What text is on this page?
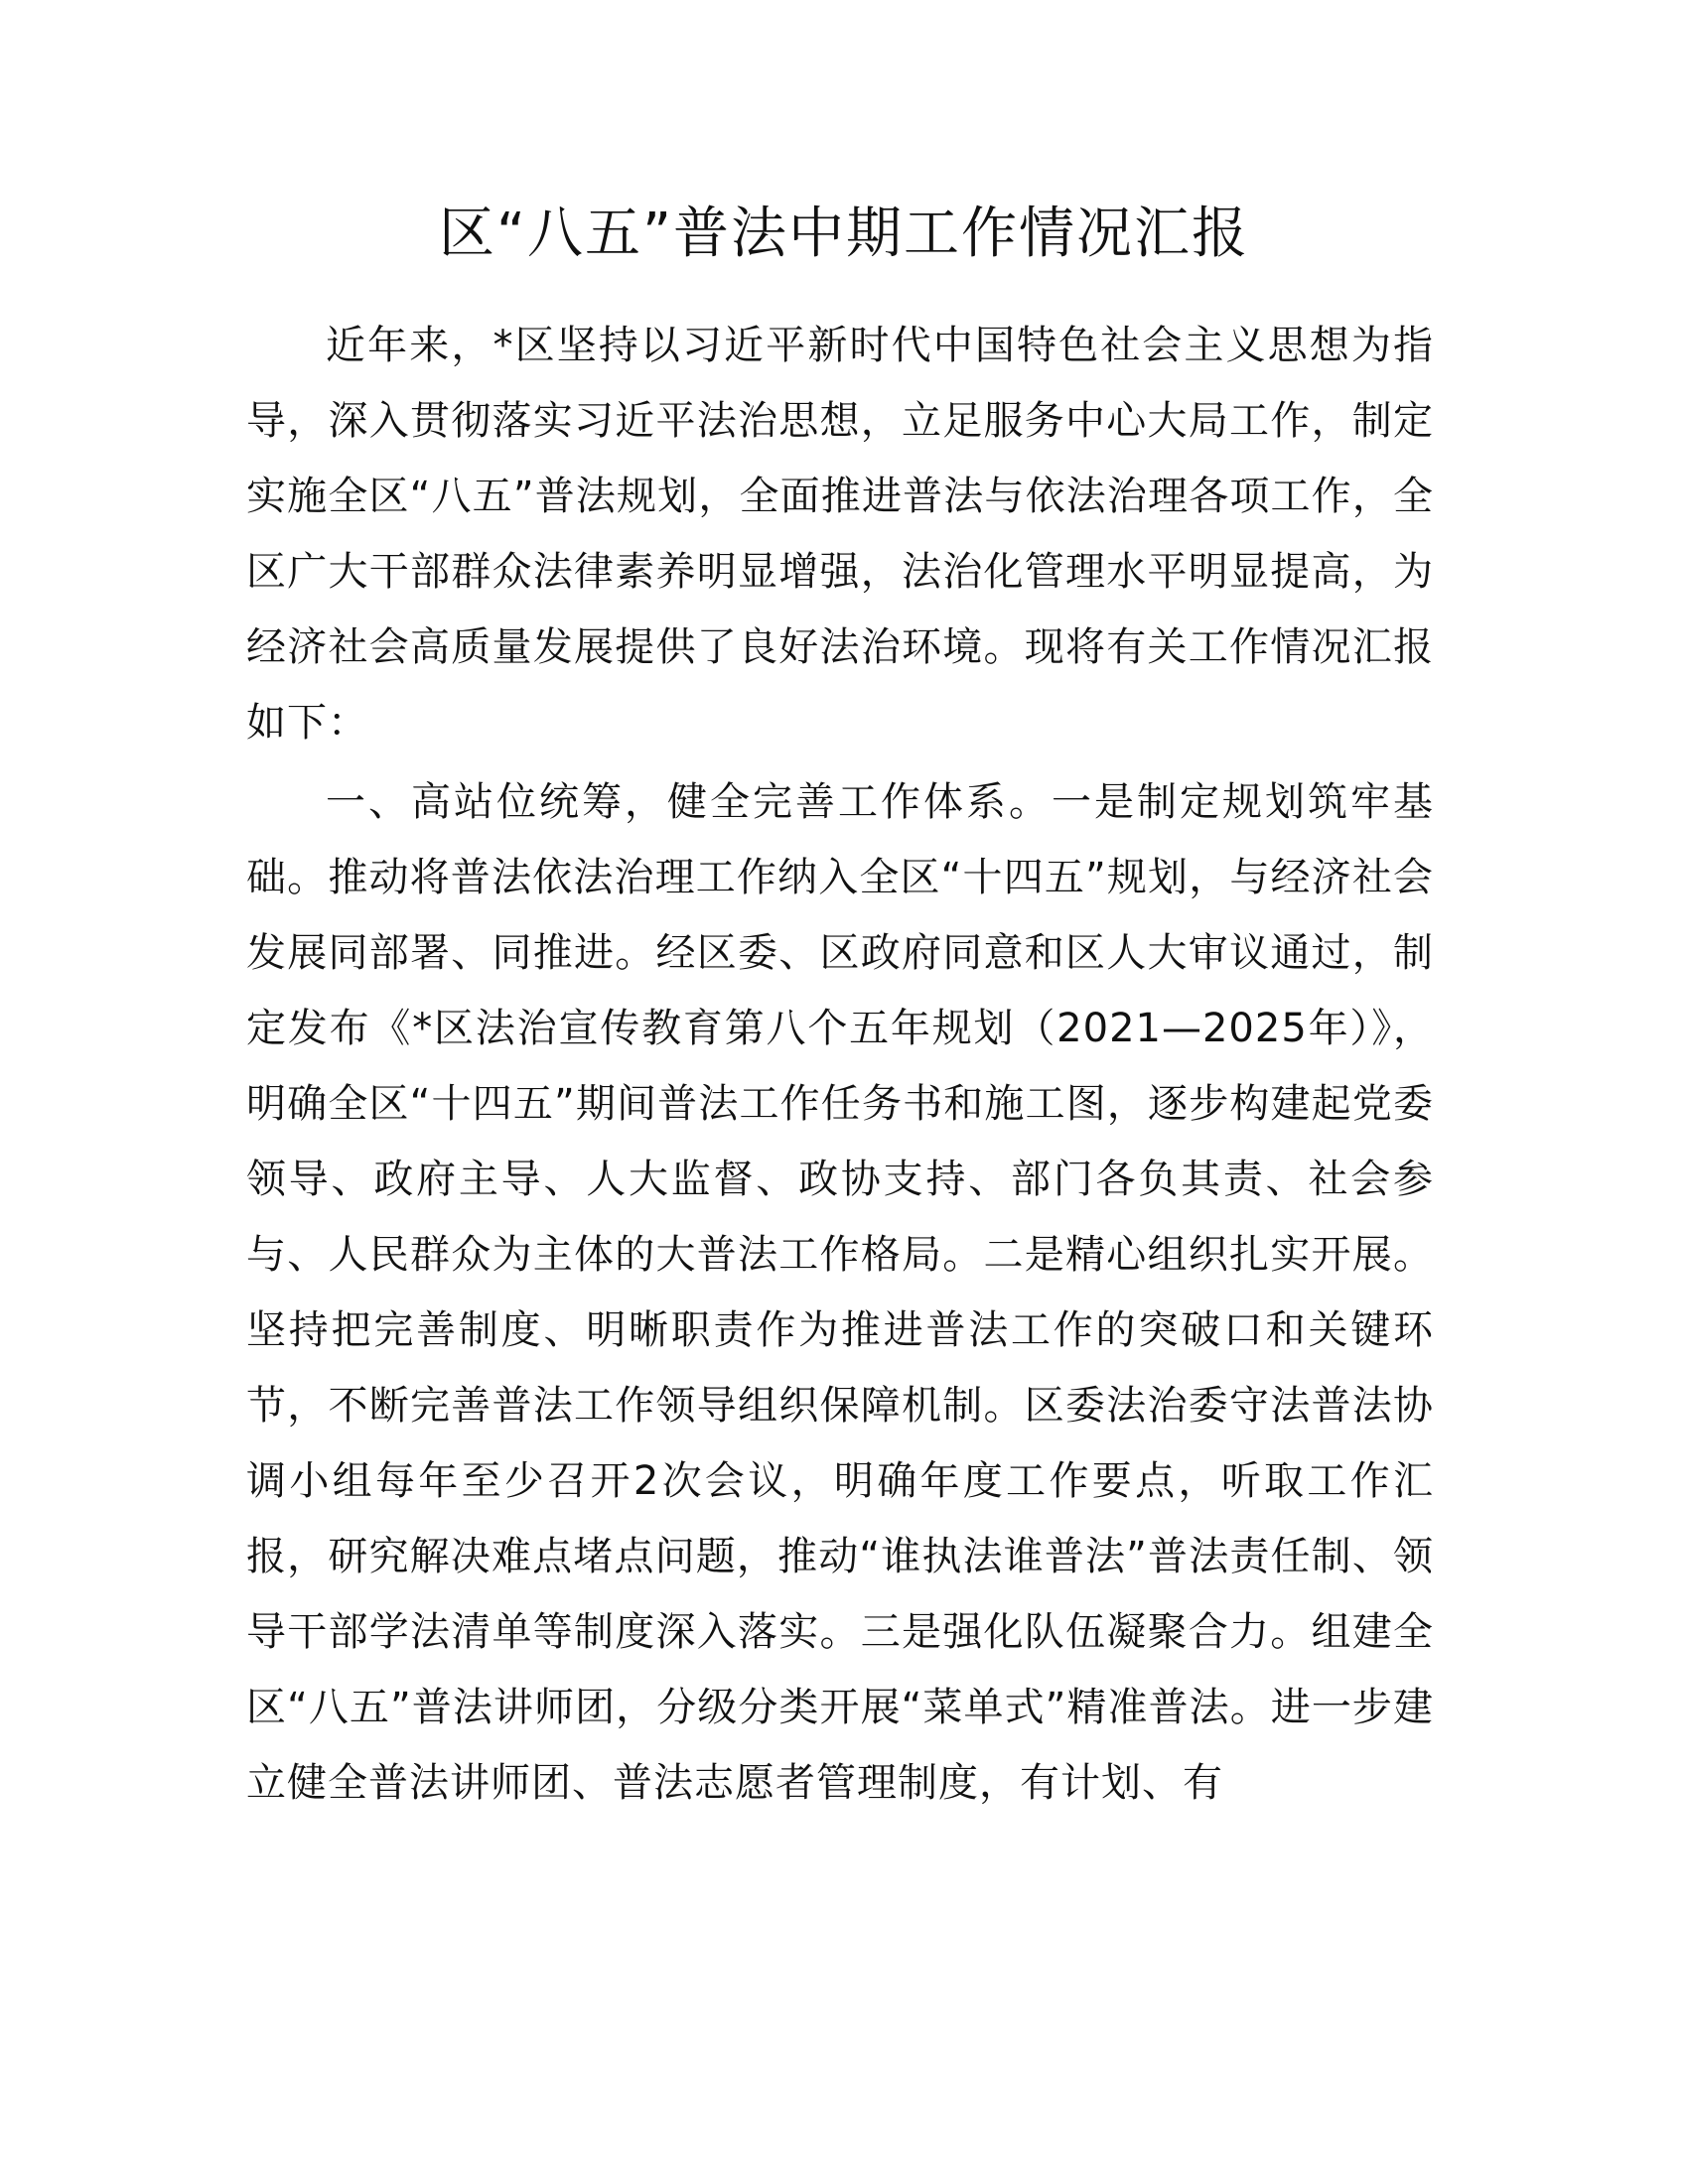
区“八五”普法中期工作情况汇报

近年来，*区坚持以习近平新时代中国特色社会主义思想为指导，深入贯彻落实习近平法治思想，立足服务中心大局工作，制定实施全区“八五”普法规划，全面推进普法与依法治理各项工作，全区广大干部群众法律素养明显增强，法治化管理水平明显提高，为经济社会高质量发展提供了良好法治环境。现将有关工作情况汇报如下：

一、高站位统筹，健全完善工作体系。一是制定规划筑牢基础。推动将普法依法治理工作纳入全区“十四五”规划，与经济社会发展同部署、同推进。经区委、区政府同意和区人大审议通过，制定发布《*区法治宣传教育第八个五年规划（2021—2025年）》，明确全区“十四五”期间普法工作任务书和施工图，逐步构建起党委领导、政府主导、人大监督、政协支持、部门各负其责、社会参与、人民群众为主体的大普法工作格局。二是精心组织扎实开展。坚持把完善制度、明晰职责作为推进普法工作的突破口和关键环节，不断完善普法工作领导组织保障机制。区委法治委守法普法协调小组每年至少召开2次会议，明确年度工作要点，听取工作汇报，研究解决难点堵点问题，推动“谁执法谁普法”普法责任制、领导干部学法清单等制度深入落实。三是强化队伍凝聚合力。组建全区“八五”普法讲师团，分级分类开展“菜单式”精准普法。进一步建立健全普法讲师团、普法志愿者管理制度，有计划、有
